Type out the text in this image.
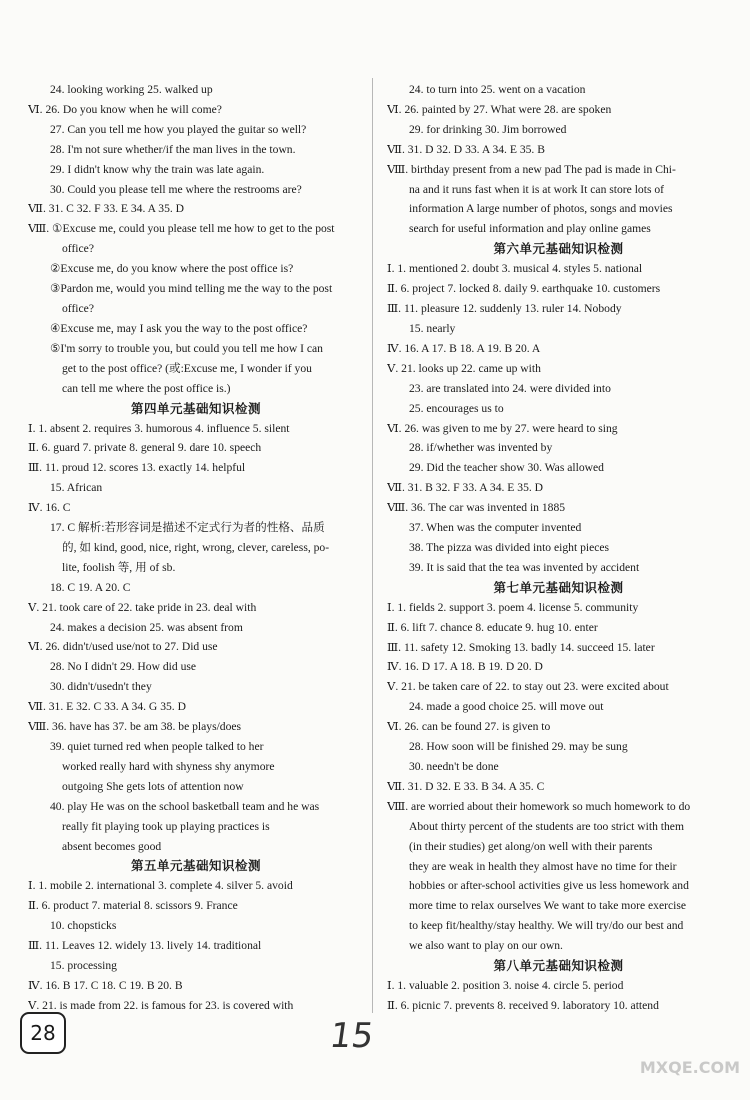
24. looking working 25. walked up
Ⅵ. 26. Do you know when he will come?
27. Can you tell me how you played the guitar so well?
28. I'm not sure whether/if the man lives in the town.
29. I didn't know why the train was late again.
30. Could you please tell me where the restrooms are?
Ⅶ. 31. C 32. F 33. E 34. A 35. D
Ⅷ. ①Excuse me, could you please tell me how to get to the post
office?
②Excuse me, do you know where the post office is?
③Pardon me, would you mind telling me the way to the post
office?
④Excuse me, may I ask you the way to the post office?
⑤I'm sorry to trouble you, but could you tell me how I can
get to the post office? (或:Excuse me, I wonder if you
can tell me where the post office is.)
第四单元基础知识检测
Ⅰ. 1. absent 2. requires 3. humorous 4. influence 5. silent
Ⅱ. 6. guard 7. private 8. general 9. dare 10. speech
Ⅲ. 11. proud 12. scores 13. exactly 14. helpful
15. African
Ⅳ. 16. C
17. C 解析:若形容词是描述不定式行为者的性格、品质
的, 如 kind, good, nice, right, wrong, clever, careless, po-
lite, foolish 等, 用 of sb.
18. C 19. A 20. C
Ⅴ. 21. took care of 22. take pride in 23. deal with
24. makes a decision 25. was absent from
Ⅵ. 26. didn't/used use/not to 27. Did use
28. No I didn't 29. How did use
30. didn't/usedn't they
Ⅶ. 31. E 32. C 33. A 34. G 35. D
Ⅷ. 36. have has 37. be am 38. be plays/does
39. quiet turned red when people talked to her
worked really hard with shyness shy anymore
outgoing She gets lots of attention now
40. play He was on the school basketball team and he was
really fit playing took up playing practices is
absent becomes good
第五单元基础知识检测
Ⅰ. 1. mobile 2. international 3. complete 4. silver 5. avoid
Ⅱ. 6. product 7. material 8. scissors 9. France
10. chopsticks
Ⅲ. 11. Leaves 12. widely 13. lively 14. traditional
15. processing
Ⅳ. 16. B 17. C 18. C 19. B 20. B
Ⅴ. 21. is made from 22. is famous for 23. is covered with
24. to turn into 25. went on a vacation
Ⅵ. 26. painted by 27. What were 28. are spoken
29. for drinking 30. Jim borrowed
Ⅶ. 31. D 32. D 33. A 34. E 35. B
Ⅷ. birthday present from a new pad The pad is made in Chi-
na and it runs fast when it is at work It can store lots of
information A large number of photos, songs and movies
search for useful information and play online games
第六单元基础知识检测
Ⅰ. 1. mentioned 2. doubt 3. musical 4. styles 5. national
Ⅱ. 6. project 7. locked 8. daily 9. earthquake 10. customers
Ⅲ. 11. pleasure 12. suddenly 13. ruler 14. Nobody
15. nearly
Ⅳ. 16. A 17. B 18. A 19. B 20. A
Ⅴ. 21. looks up 22. came up with
23. are translated into 24. were divided into
25. encourages us to
Ⅵ. 26. was given to me by 27. were heard to sing
28. if/whether was invented by
29. Did the teacher show 30. Was allowed
Ⅶ. 31. B 32. F 33. A 34. E 35. D
Ⅷ. 36. The car was invented in 1885
37. When was the computer invented
38. The pizza was divided into eight pieces
39. It is said that the tea was invented by accident
第七单元基础知识检测
Ⅰ. 1. fields 2. support 3. poem 4. license 5. community
Ⅱ. 6. lift 7. chance 8. educate 9. hug 10. enter
Ⅲ. 11. safety 12. Smoking 13. badly 14. succeed 15. later
Ⅳ. 16. D 17. A 18. B 19. D 20. D
Ⅴ. 21. be taken care of 22. to stay out 23. were excited about
24. made a good choice 25. will move out
Ⅵ. 26. can be found 27. is given to
28. How soon will be finished 29. may be sung
30. needn't be done
Ⅶ. 31. D 32. E 33. B 34. A 35. C
Ⅷ. are worried about their homework so much homework to do
About thirty percent of the students are too strict with them
(in their studies) get along/on well with their parents
they are weak in health they almost have no time for their
hobbies or after-school activities give us less homework and
more time to relax ourselves We want to take more exercise
to keep fit/healthy/stay healthy. We will try/do our best and
we also want to play on our own.
第八单元基础知识检测
Ⅰ. 1. valuable 2. position 3. noise 4. circle 5. period
Ⅱ. 6. picnic 7. prevents 8. received 9. laboratory 10. attend
28	15
MXQE.COM
